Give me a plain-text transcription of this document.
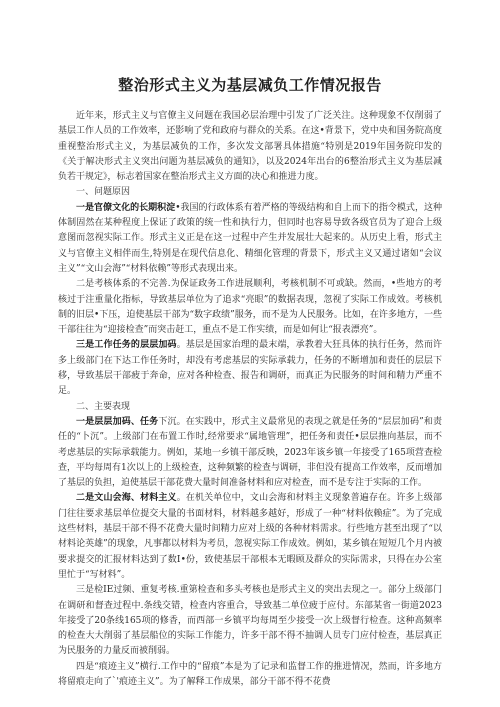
整治形式主义为基层减负工作情况报告

近年来，形式主义与官僚主义问题在我国必层治理中引发了广泛关注。这种现象不仅削弱了基层工作人员的工作效率，还影响了党和政府与群众的关系。在这•背景下，党中央和国务院高度重视整治形式主义，为基层减负的工作，多次发文部署具体措施“特别是2019年国务院印发的《关于解决形式主义突出问题为基层减负的通知》，以及2024年出台的6整治形式主义为基层减负若干规定》，标志着国家在整治形式主义方面的决心和推进力度。

一、问题原因

一是官僚文化的长期积淀•我国的行政体系有着严格的等级结构和自上而下的指令模式，这种体制固然在某种程度上保证了政策的统一性和执行力，但同时也容易导致各级官员为了迎合上级意图而忽视实际工作。形式主义正是在这一过程中产生并发展壮大起来的。从历史上看，形式主义与官僚主义相伴而生,特别是在现代信息化、精细化管理的背景下，形式主义又通过诸如“会议主义”“文山会海”“材料依赖”等形式表现出来。

二是考核体系的不完善.为保证政务工作进展顺利，考核机制不可或缺。然而，•些地方的考核过于注重量化指标，导致基层单位为了追求“亮眼”的数据表现，忽视了实际工作成效。考核机制的旧层•下压，迫使基层干部为“数字政绩”服务，而不是为人民服务。比如，在许多地方，一些干部往往为“迎接检查”而突击赶工，重点不是工作实绩，而是如何让“报表漂亮”。

三是工作任务的层层加码。基层是国家治理的最末端，承教着大狂具体的执行任务，然而许多上级部门在下达工作任务时，却没有考虑基层的实际承载力，任务的不断增加和责任的层层下移，导致基层干部疲于奔命，应对各种检查、报告和调研，而真正为民服务的时间和精力严重不足。

二、主要表现

一是层层加码、任务下沉。在实践中，形式主义最常见的表现之就是任务的“层层加码”和责任的“卜沉”。上级部门在布置工作时,经常要求“属地管理”，把任务和责任•层层推向基层，而不考虑基层的实际承载能力。例如，某地一乡镇干部反映，2023年该乡镇一年接受了165项营查检查，平均每周有1次以上的上级检查，这种频繁的检查与调研，非但没有提高工作效率，反而增加了基层的负担，迫使基层干部花费大量时间准备材料和应对检查，而不是专注于实际的工作。

二是文山会海、材料主义。在机关单位中，文山会海和材料主义现象普遍存在。许多上级部门往往要求基层单位提交大量的书面材料，材料越多越好，形成了一种“材料依赖症”。为了完成这些材料，基层干部不得不花费大量时间精力应对上级的各种材料需求。行些地方甚至出现了“以材料论英雄”的现象，凡事都以材料为考员，忽视实际工作成效。例如，某乡镇在短短几个月内被要求提交的汇报材料达到了数Ⅰ•份，致使基层干部根本无暇顾及群众的实际需求，只得在办公室里忙于“写材料”。

三是检IE过频、重复考核.重第检查和多头考核也是形式主义的突出去现之一。部分上级部门在调研和督查过程中.条线交错，检查内容重合，导致基二单位疲于应付。东部某省一街道2023年接受了20条线165项的修香，而西部一乡镇平均每周至少接受一次上级督行检查。这种高频率的检查大大削弱了基层船位的实际工作能力，许多干部不得不抽调人员专门应付检查，基层真正为民服务的力量反而被削弱。

四是“痕迹主义”横行.工作中的“留痕”本是为了记录和监督工作的推进情况，然而，许多地方将留痕走向了`'痕迹主义”。为了解释工作成果，部分干部不得不花费
